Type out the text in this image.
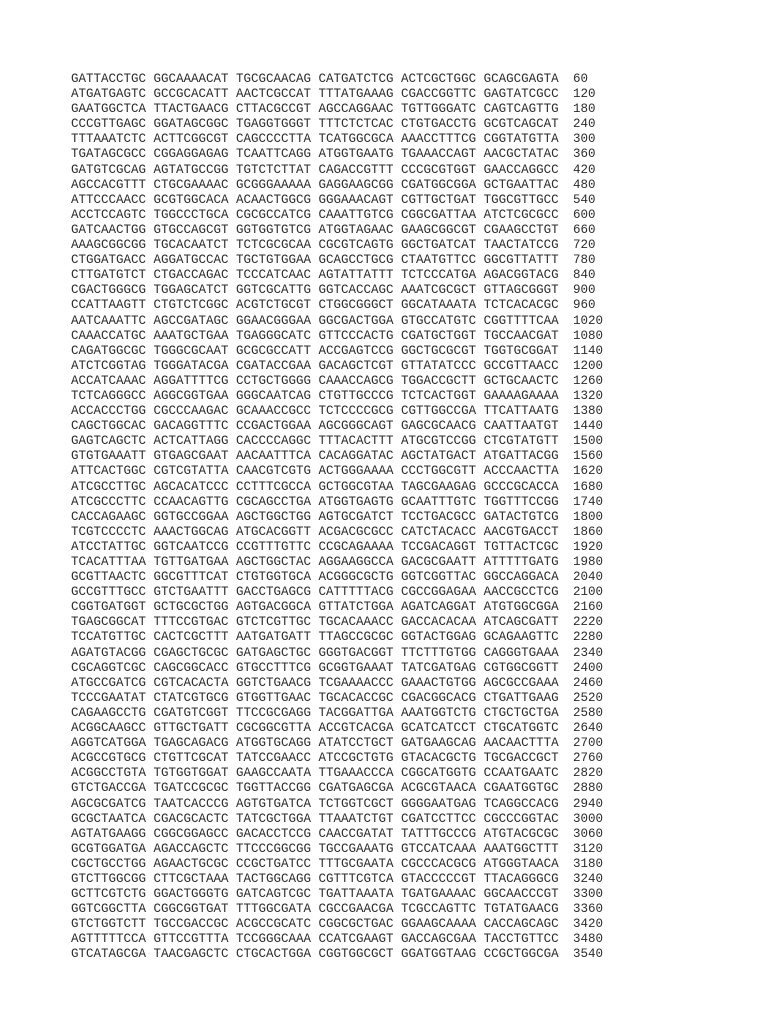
GATTACCTGC GGCAAAACAT TGCGCAACAG CATGATCTCG ACTCGCTGGC GCAGCGAGTA	60
ATGATGAGTC GCCGCACATT AACTCGCCAT TTTATGAAAG CGACCGGTTC GAGTATCGCC	120
GAATGGCTCA TTACTGAACG CTTACGCCGT AGCCAGGAAC TGTTGGGATC CAGTCAGTTG	180
CCCGTTGAGC GGATAGCGGC TGAGGTGGGT TTTCTCTCAC CTGTGACCTG GCGTCAGCAT	240
TTTAAATCTC ACTTCGGCGT CAGCCCCTTA TCATGGCGCA AAACCTTTCG CGGTATGTTA	300
TGATAGCGCC CGGAGGAGAG TCAATTCAGG ATGGTGAATG TGAAACCAGT AACGCTATAC	360
GATGTCGCAG AGTATGCCGG TGTCTCTTAT CAGACCGTTT CCCGCGTGGT GAACCAGGCC	420
AGCCACGTTT CTGCGAAAAC GCGGGAAAAA GAGGAAGCGG CGATGGCGGA GCTGAATTAC	480
ATTCCCAACC GCGTGGCACA ACAACTGGCG GGGAAACAGT CGTTGCTGAT TGGCGTTGCC	540
ACCTCCAGTC TGGCCCTGCA CGCGCCATCG CAAATTGTCG CGGCGATTAA ATCTCGCGCC	600
GATCAACTGG GTGCCAGCGT GGTGGTGTCG ATGGTAGAAC GAAGCGGCGT CGAAGCCTGT	660
AAAGCGGCGG TGCACAATCT TCTCGCGCAA CGCGTCAGTG GGCTGATCAT TAACTATCCG	720
CTGGATGACC AGGATGCCAC TGCTGTGGAA GCAGCCTGCG CTAATGTTCC GGCGTTATTT	780
CTTGATGTCT CTGACCAGAC TCCCATCAAC AGTATTATTT TCTCCCATGA AGACGGTACG	840
CGACTGGGCG TGGAGCATCT GGTCGCATTG GGTCACCAGC AAATCGCGCT GTTAGCGGGT	900
CCATTAAGTT CTGTCTCGGC ACGTCTGCGT CTGGCGGGCT GGCATAAATA TCTCACACGC	960
AATCAAATTC AGCCGATAGC GGAACGGGAA GGCGACTGGA GTGCCATGTC CGGTTTTCAA	1020
CAAACCATGC AAATGCTGAA TGAGGGCATC GTTCCCACTG CGATGCTGGT TGCCAACGAT	1080
CAGATGGCGC TGGGCGCAAT GCGCGCCATT ACCGAGTCCG GGCTGCGCGT TGGTGCGGAT	1140
ATCTCGGTAG TGGGATACGA CGATACCGAA GACAGCTCGT GTTATATCCC GCCGTTAACC	1200
ACCATCAAAC AGGATTTTCG CCTGCTGGGG CAAACCAGCG TGGACCGCTT GCTGCAACTC	1260
TCTCAGGGCC AGGCGGTGAA GGGCAATCAG CTGTTGCCCG TCTCACTGGT GAAAAGAAAA	1320
ACCACCCTGG CGCCCAAGAC GCAAACCGCC TCTCCCCGCG CGTTGGCCGA TTCATTAATG	1380
CAGCTGGCAC GACAGGTTTC CCGACTGGAA AGCGGGCAGT GAGCGCAACG CAATTAATGT	1440
GAGTCAGCTC ACTCATTAGG CACCCCAGGC TTTACACTTT ATGCGTCCGG CTCGTATGTT	1500
GTGTGAAATT GTGAGCGAAT AACAATTTCA CACAGGATAC AGCTATGACT ATGATTACGG	1560
ATTCACTGGC CGTCGTATTA CAACGTCGTG ACTGGGAAAA CCCTGGCGTT ACCCAACTTA	1620
ATCGCCTTGC AGCACATCCC CCTTTCGCCA GCTGGCGTAA TAGCGAAGAG GCCCGCACCA	1680
ATCGCCCTTC CCAACAGTTG CGCAGCCTGA ATGGTGAGTG GCAATTTGTC TGGTTTCCGG	1740
CACCAGAAGC GGTGCCGGAA AGCTGGCTGG AGTGCGATCT TCCTGACGCC GATACTGTCG	1800
TCGTCCCCTC AAACTGGCAG ATGCACGGTT ACGACGCGCC CATCTACACC AACGTGACCT	1860
ATCCTATTGC GGTCAATCCG CCGTTTGTTC CCGCAGAAAA TCCGACAGGT TGTTACTCGC	1920
TCACATTTAA TGTTGATGAA AGCTGGCTAC AGGAAGGCCA GACGCGAATT ATTTTTGATG	1980
GCGTTAACTC GGCGTTTCAT CTGTGGTGCA ACGGGCGCTG GGTCGGTTAC GGCCAGGACA	2040
GCCGTTTGCC GTCTGAATTT GACCTGAGCG CATTTTTACG CGCCGGAGAA AACCGCCTCG	2100
CGGTGATGGT GCTGCGCTGG AGTGACGGCA GTTATCTGGA AGATCAGGAT ATGTGGCGGA	2160
TGAGCGGCAT TTTCCGTGAC GTCTCGTTGC TGCACAAACC GACCACACAA ATCAGCGATT	2220
TCCATGTTGC CACTCGCTTT AATGATGATT TTAGCCGCGC GGTACTGGAG GCAGAAGTTC	2280
AGATGTACGG CGAGCTGCGC GATGAGCTGC GGGTGACGGT TTCTTTGTGG CAGGGTGAAA	2340
CGCAGGTCGC CAGCGGCACC GTGCCTTTCG GCGGTGAAAT TATCGATGAG CGTGGCGGTT	2400
ATGCCGATCG CGTCACACTA GGTCTGAACG TCGAAAACCC GAAACTGTGG AGCGCCGAAA	2460
TCCCGAATAT CTATCGTGCG GTGGTTGAAC TGCACACCGC CGACGGCACG CTGATTGAAG	2520
CAGAAGCCTG CGATGTCGGT TTCCGCGAGG TACGGATTGA AAATGGTCTG CTGCTGCTGA	2580
ACGGCAAGCC GTTGCTGATT CGCGGCGTTA ACCGTCACGA GCATCATCCT CTGCATGGTC	2640
AGGTCATGGA TGAGCAGACG ATGGTGCAGG ATATCCTGCT GATGAAGCAG AACAACTTTA	2700
ACGCCGTGCG CTGTTCGCAT TATCCGAACC ATCCGCTGTG GTACACGCTG TGCGACCGCT	2760
ACGGCCTGTA TGTGGTGGAT GAAGCCAATA TTGAAACCCA CGGCATGGTG CCAATGAATC	2820
GTCTGACCGA TGATCCGCGC TGGTTACCGG CGATGAGCGA ACGCGTAACA CGAATGGTGC	2880
AGCGCGATCG TAATCACCCG AGTGTGATCA TCTGGTCGCT GGGGAATGAG TCAGGCCACG	2940
GCGCTAATCA CGACGCACTC TATCGCTGGA TTAAATCTGT CGATCCTTCC CGCCCGGTAC	3000
AGTATGAAGG CGGCGGAGCC GACACCTCCG CAACCGATAT TATTTGCCCG ATGTACGCGC	3060
GCGTGGATGA AGACCAGCTC TTCCCGGCGG TGCCGAAATG GTCCATCAAA AAATGGCTTT	3120
CGCTGCCTGG AGAACTGCGC CCGCTGATCC TTTGCGAATA CGCCCACGCG ATGGGTAACA	3180
GTCTTGGCGG CTTCGCTAAA TACTGGCAGG CGTTTCGTCA GTACCCCCGT TTACAGGGCG	3240
GCTTCGTCTG GGACTGGGTG GATCAGTCGC TGATTAAATA TGATGAAAAC GGCAACCCGT	3300
GGTCGGCTTA CGGCGGTGAT TTTGGCGATA CGCCGAACGA TCGCCAGTTC TGTATGAACG	3360
GTCTGGTCTT TGCCGACCGC ACGCCGCATC CGGCGCTGAC GGAAGCAAAA CACCAGCAGC	3420
AGTTTTTCCA GTTCCGTTTA TCCGGGCAAA CCATCGAAGT GACCAGCGAA TACCTGTTCC	3480
GTCATAGCGA TAACGAGCTC CTGCACTGGA CGGTGGCGCT GGATGGTAAG CCGCTGGCGA	3540
